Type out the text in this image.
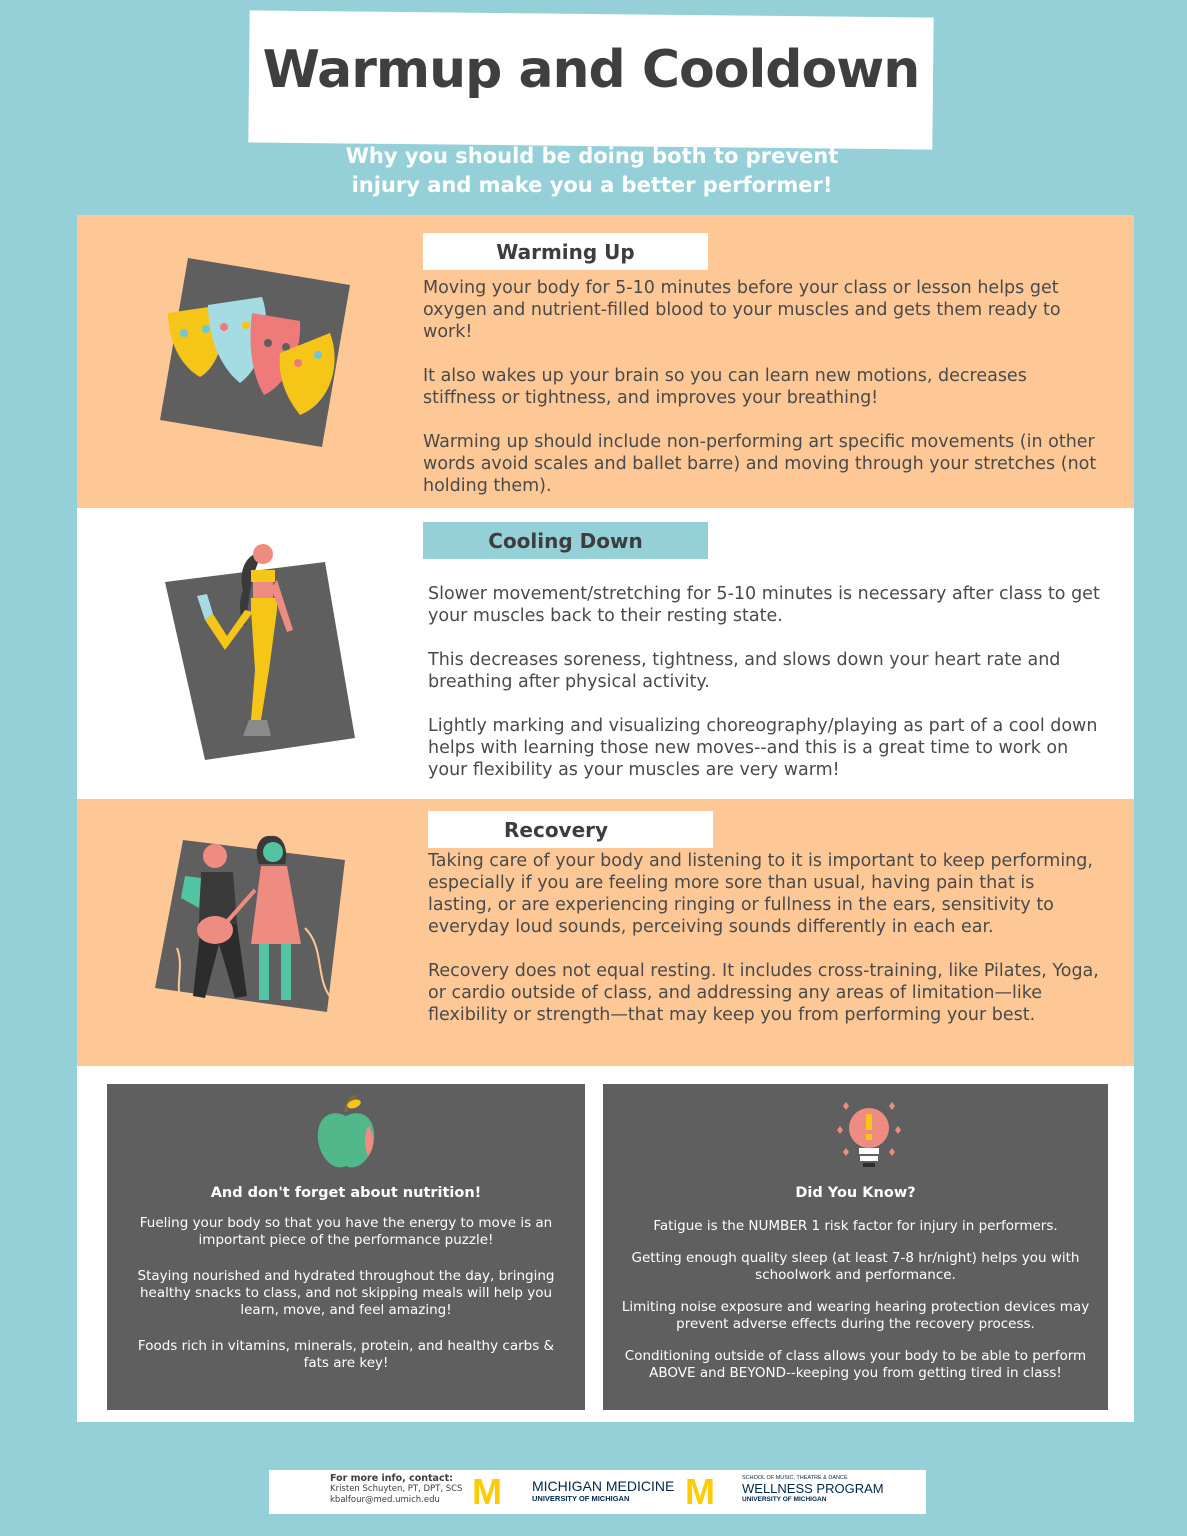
Warmup and Cooldown
Why you should be doing both to prevent injury and make you a better performer!
Warming Up

Moving your body for 5-10 minutes before your class or lesson helps get oxygen and nutrient-filled blood to your muscles and gets them ready to work!

It also wakes up your brain so you can learn new motions, decreases stiffness or tightness, and improves your breathing!

Warming up should include non-performing art specific movements (in other words avoid scales and ballet barre) and moving through your stretches (not holding them).

Cooling Down

Slower movement/stretching for 5-10 minutes is necessary after class to get your muscles back to their resting state.

This decreases soreness, tightness, and slows down your heart rate and breathing after physical activity.

Lightly marking and visualizing choreography/playing as part of a cool down helps with learning those new moves--and this is a great time to work on your flexibility as your muscles are very warm!

Recovery

Taking care of your body and listening to it is important to keep performing, especially if you are feeling more sore than usual, having pain that is lasting, or are experiencing ringing or fullness in the ears, sensitivity to everyday loud sounds, perceiving sounds differently in each ear.

Recovery does not equal resting. It includes cross-training, like Pilates, Yoga, or cardio outside of class, and addressing any areas of limitation—like flexibility or strength—that may keep you from performing your best.

And don't forget about nutrition!

Fueling your body so that you have the energy to move is an important piece of the performance puzzle!

Staying nourished and hydrated throughout the day, bringing healthy snacks to class, and not skipping meals will help you learn, move, and feel amazing!

Foods rich in vitamins, minerals, protein, and healthy carbs & fats are key!

Did You Know?

Fatigue is the NUMBER 1 risk factor for injury in performers.

Getting enough quality sleep (at least 7-8 hr/night) helps you with schoolwork and performance.

Limiting noise exposure and wearing hearing protection devices may prevent adverse effects during the recovery process.

Conditioning outside of class allows your body to be able to perform ABOVE and BEYOND--keeping you from getting tired in class!

For more info, contact:
Kristen Schuyten, PT, DPT, SCS
kbalfour@med.umich.edu M MICHIGAN MEDICINE
UNIVERSITY OF MICHIGAN	M	SCHOOL OF MUSIC, THEATRE & DANCE
WELLNESS PROGRAM
UNIVERSITY OF MICHIGAN
